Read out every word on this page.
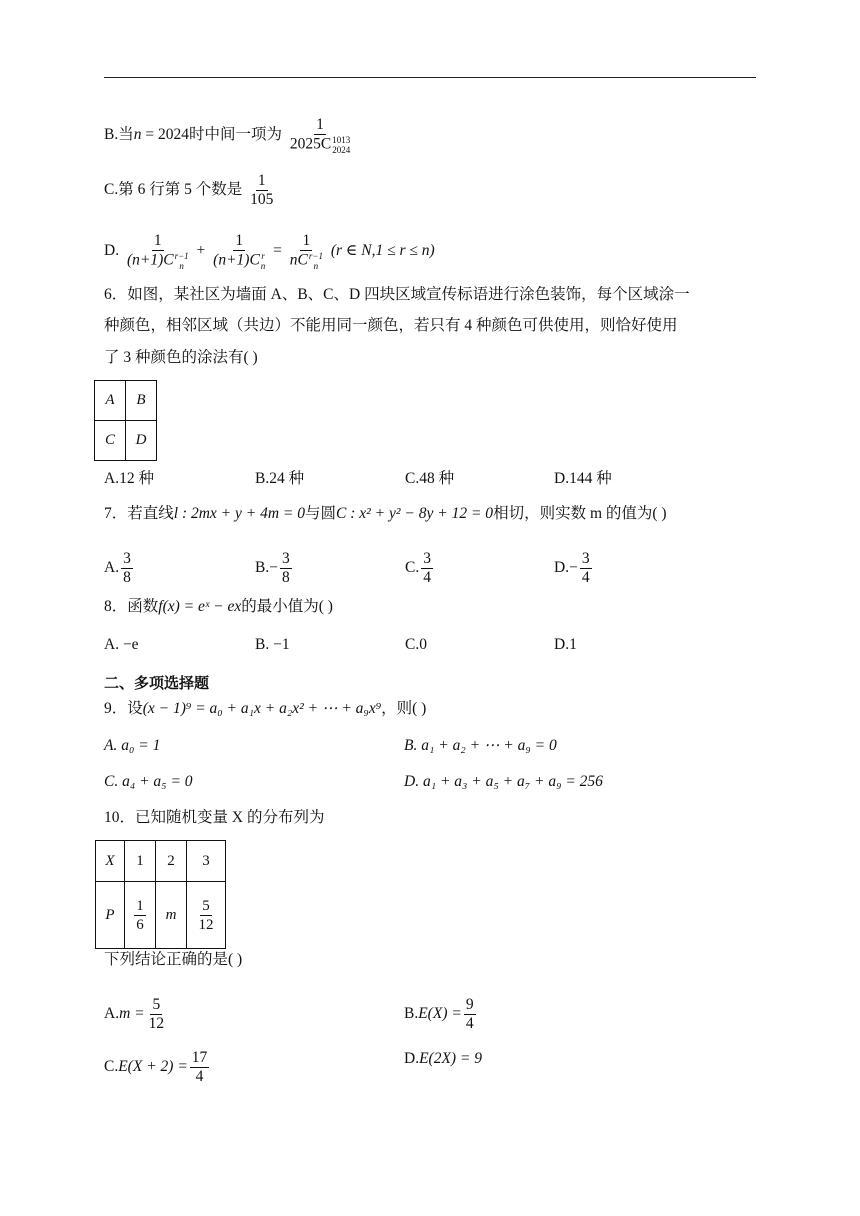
B.当n = 2024时中间一项为 1
2025C 1013
2024
C.第 6 行第 5 个数是 $\frac{1}{105}$
D. 1
(n+1)C r−1
n + 1
(n+1)C r
n = 1
nC r−1
n (r ∈ N,1 ≤ r ≤ n)
6．如图，某社区为墙面 A、B、C、D 四块区域宣传标语进行涂色装饰，每个区域涂一
种颜色，相邻区域（共边）不能用同一颜色，若只有 4 种颜色可供使用，则恰好使用
了 3 种颜色的涂法有( )
A	B
C	D
A.12 种	B.24 种	C.48 种	D.144 种
7．若直线l : 2mx + y + 4m = 0与圆C : x² + y² − 8y + 12 = 0相切，则实数 m 的值为( )
A. $\frac{3}{8}$	$B.- \frac{3}{8}$	C. $\frac{3}{4}$	$D.- \frac{3}{4}$
8．函数f(x) = eˣ − ex的最小值为( )
A. −e	B. −1	C.0	D.1
二、多项选择题
9．设(x − 1)⁹ = a₀ + a₁x + a₂x² + ⋯ + a₉x⁹，则( )
A. a₀ = 1	B. a₁ + a₂ + ⋯ + a₉ = 0
C. a₄ + a₅ = 0	D. a₁ + a₃ + a₅ + a₇ + a₉ = 256
10．已知随机变量 X 的分布列为
X	1	2	3
P	$\frac{1}{6}$	m	$\frac{5}{12}$
下列结论正确的是( )
$A.m = \frac{5}{12}$	$B.E(X) = \frac{9}{4}$
$C.E(X + 2) = \frac{17}{4}$	D.E(2X) = 9
